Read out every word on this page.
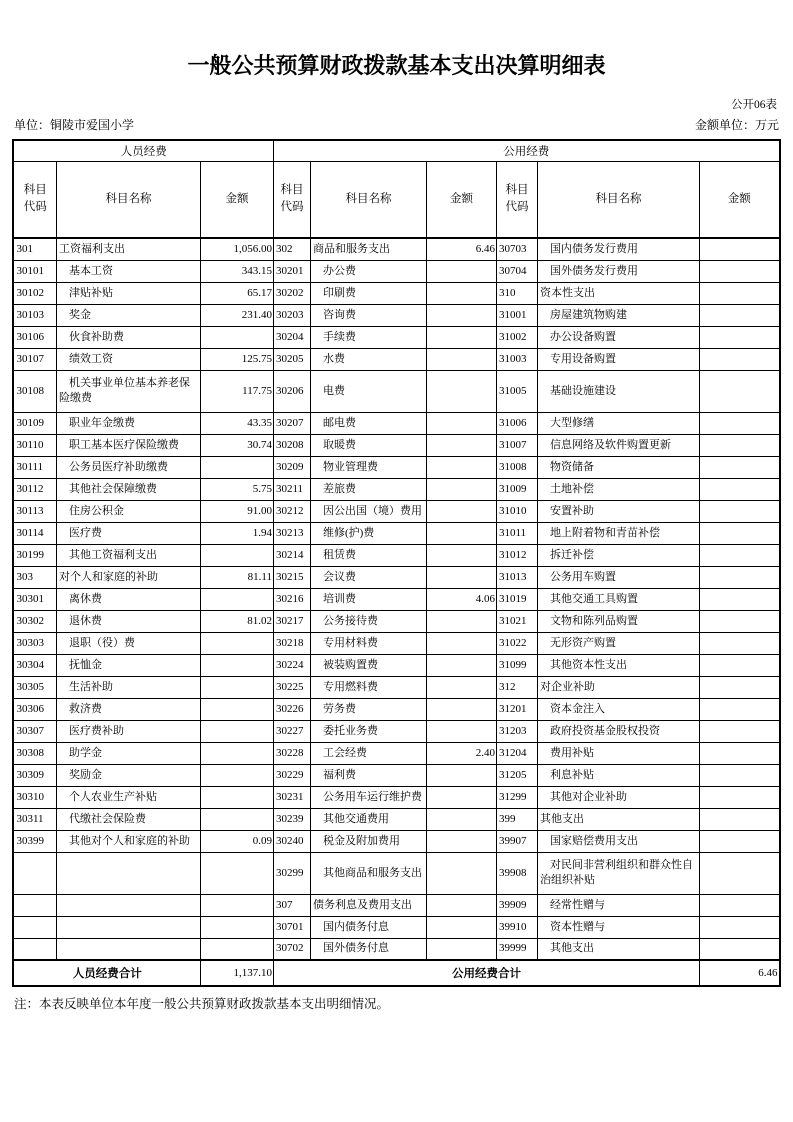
一般公共预算财政拨款基本支出决算明细表
公开06表
单位：铜陵市爱国小学	金额单位：万元
人员经费			公用经费					
科目代码	科目名称	金额	科目代码	科目名称	金额	科目代码	科目名称	金额
301	工资福利支出	1,056.00	302	商品和服务支出	6.46	30703	国内债务发行费用	
30101	基本工资	343.15	30201	办公费		30704	国外债务发行费用	
30102	津贴补贴	65.17	30202	印刷费		310	资本性支出	
30103	奖金	231.40	30203	咨询费		31001	房屋建筑物购建	
30106	伙食补助费		30204	手续费		31002	办公设备购置	
30107	绩效工资	125.75	30205	水费		31003	专用设备购置	
30108	机关事业单位基本养老保险缴费	117.75	30206	电费		31005	基础设施建设	
30109	职业年金缴费	43.35	30207	邮电费		31006	大型修缮	
30110	职工基本医疗保险缴费	30.74	30208	取暖费		31007	信息网络及软件购置更新	
30111	公务员医疗补助缴费		30209	物业管理费		31008	物资储备	
30112	其他社会保障缴费	5.75	30211	差旅费		31009	土地补偿	
30113	住房公积金	91.00	30212	因公出国（境）费用		31010	安置补助	
30114	医疗费	1.94	30213	维修(护)费		31011	地上附着物和青苗补偿	
30199	其他工资福利支出		30214	租赁费		31012	拆迁补偿	
303	对个人和家庭的补助	81.11	30215	会议费		31013	公务用车购置	
30301	离休费		30216	培训费	4.06	31019	其他交通工具购置	
30302	退休费	81.02	30217	公务接待费		31021	文物和陈列品购置	
30303	退职（役）费		30218	专用材料费		31022	无形资产购置	
30304	抚恤金		30224	被装购置费		31099	其他资本性支出	
30305	生活补助		30225	专用燃料费		312	对企业补助	
30306	救济费		30226	劳务费		31201	资本金注入	
30307	医疗费补助		30227	委托业务费		31203	政府投资基金股权投资	
30308	助学金		30228	工会经费	2.40	31204	费用补贴	
30309	奖励金		30229	福利费		31205	利息补贴	
30310	个人农业生产补贴		30231	公务用车运行维护费		31299	其他对企业补助	
30311	代缴社会保险费		30239	其他交通费用		399	其他支出	
30399	其他对个人和家庭的补助	0.09	30240	税金及附加费用		39907	国家赔偿费用支出	
			30299	其他商品和服务支出		39908	对民间非营利组织和群众性自治组织补贴	
			307	债务利息及费用支出		39909	经常性赠与	
			30701	国内债务付息		39910	资本性赠与	
			30702	国外债务付息		39999	其他支出	
人员经费合计		1,137.10	公用经费合计					6.46
注：本表反映单位本年度一般公共预算财政拨款基本支出明细情况。
